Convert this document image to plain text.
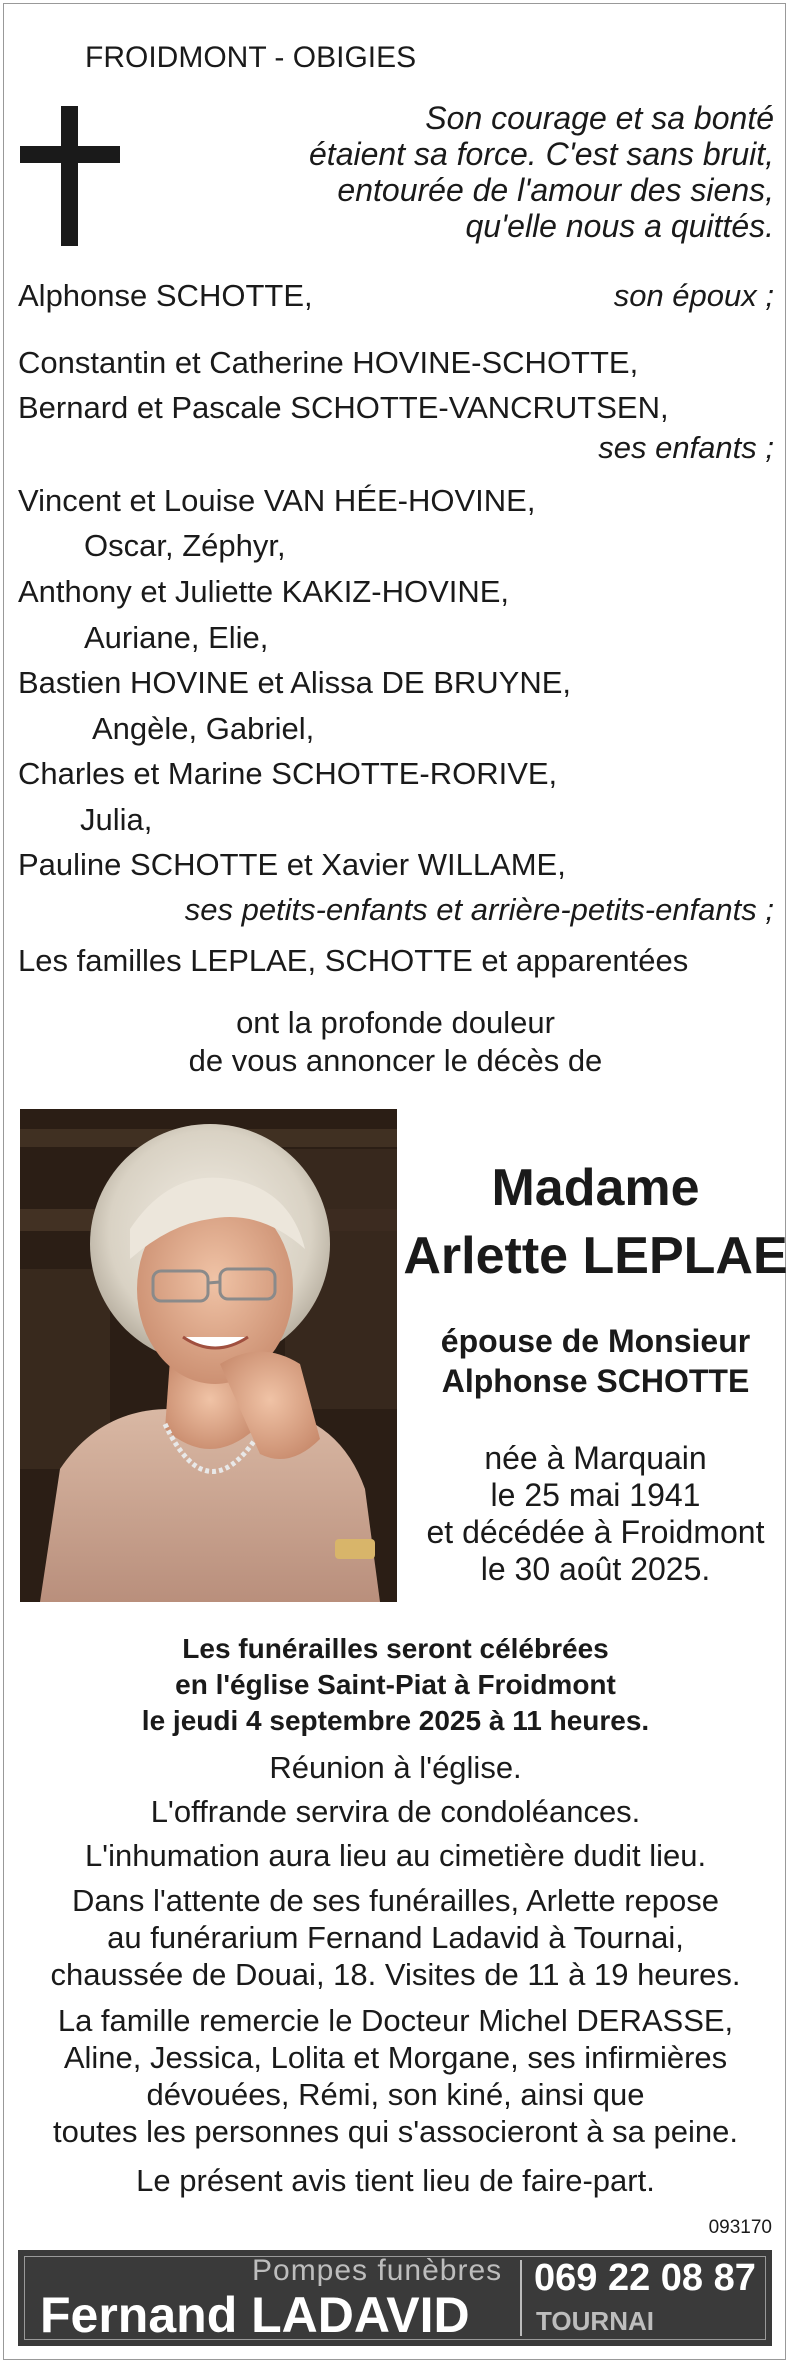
FROIDMONT - OBIGIES
Son courage et sa bonté
étaient sa force. C'est sans bruit,
entourée de l'amour des siens,
qu'elle nous a quittés.
Alphonse SCHOTTE,	son époux ;
Constantin et Catherine HOVINE-SCHOTTE,
Bernard et Pascale SCHOTTE-VANCRUTSEN,
ses enfants ;
Vincent et Louise VAN HÉE-HOVINE,
Oscar, Zéphyr,
Anthony et Juliette KAKIZ-HOVINE,
Auriane, Elie,
Bastien HOVINE et Alissa DE BRUYNE,
Angèle, Gabriel,
Charles et Marine SCHOTTE-RORIVE,
Julia,
Pauline SCHOTTE et Xavier WILLAME,
ses petits-enfants et arrière-petits-enfants ;
Les familles LEPLAE, SCHOTTE et apparentées
ont la profonde douleur
de vous annoncer le décès de
Madame
Arlette LEPLAE
épouse de Monsieur
Alphonse SCHOTTE
née à Marquain
le 25 mai 1941
et décédée à Froidmont
le 30 août 2025.
Les funérailles seront célébrées
en l'église Saint-Piat à Froidmont
le jeudi 4 septembre 2025 à 11 heures.
Réunion à l'église.
L'offrande servira de condoléances.
L'inhumation aura lieu au cimetière dudit lieu.
Dans l'attente de ses funérailles, Arlette repose
au funérarium Fernand Ladavid à Tournai,
chaussée de Douai, 18. Visites de 11 à 19 heures.
La famille remercie le Docteur Michel DERASSE,
Aline, Jessica, Lolita et Morgane, ses infirmières
dévouées, Rémi, son kiné, ainsi que
toutes les personnes qui s'associeront à sa peine.
Le présent avis tient lieu de faire-part.
093170
Pompes funèbres
Fernand LADAVID
069 22 08 87
TOURNAI
